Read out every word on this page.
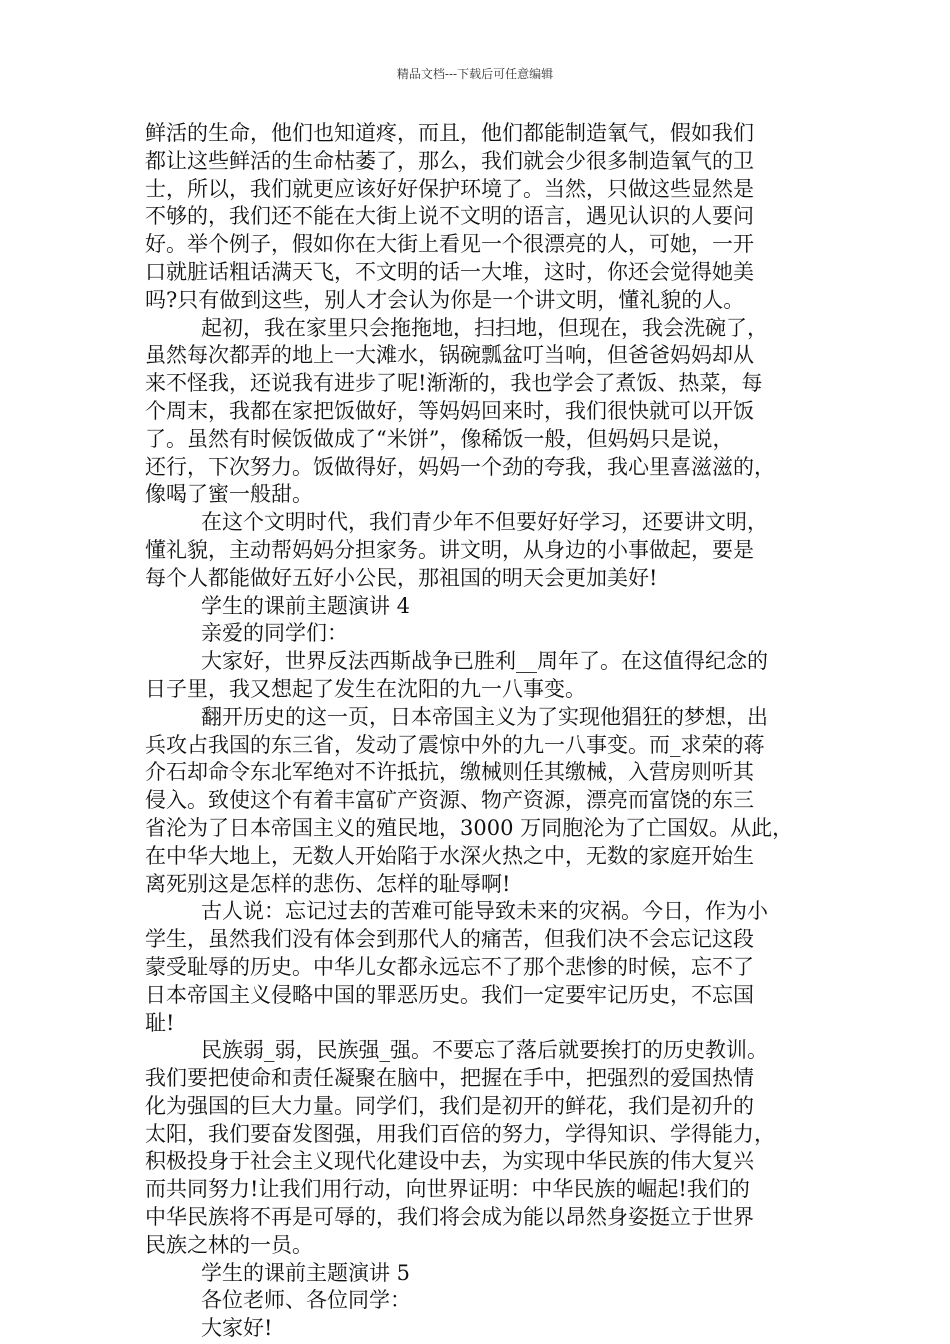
精品文档---下载后可任意编辑
鲜活的生命，他们也知道疼，而且，他们都能制造氧气，假如我们
都让这些鲜活的生命枯萎了，那么，我们就会少很多制造氧气的卫
士，所以，我们就更应该好好保护环境了。当然，只做这些显然是
不够的，我们还不能在大街上说不文明的语言，遇见认识的人要问
好。举个例子，假如你在大街上看见一个很漂亮的人，可她，一开
口就脏话粗话满天飞，不文明的话一大堆，这时，你还会觉得她美
吗?只有做到这些，别人才会认为你是一个讲文明，懂礼貌的人。
起初，我在家里只会拖拖地，扫扫地，但现在，我会洗碗了，
虽然每次都弄的地上一大滩水，锅碗瓢盆叮当响，但爸爸妈妈却从
来不怪我，还说我有进步了呢!渐渐的，我也学会了煮饭、热菜，每
个周末，我都在家把饭做好，等妈妈回来时，我们很快就可以开饭
了。虽然有时候饭做成了“米饼”，像稀饭一般，但妈妈只是说，
还行，下次努力。饭做得好，妈妈一个劲的夸我，我心里喜滋滋的，
像喝了蜜一般甜。
在这个文明时代，我们青少年不但要好好学习，还要讲文明，
懂礼貌，主动帮妈妈分担家务。讲文明，从身边的小事做起，要是
每个人都能做好五好小公民，那祖国的明天会更加美好!
学生的课前主题演讲 4
亲爱的同学们：
大家好，世界反法西斯战争已胜利__周年了。在这值得纪念的
日子里，我又想起了发生在沈阳的九一八事变。
翻开历史的这一页，日本帝国主义为了实现他猖狂的梦想，出
兵攻占我国的东三省，发动了震惊中外的九一八事变。而_求荣的蒋
介石却命令东北军绝对不许抵抗，缴械则任其缴械，入营房则听其
侵入。致使这个有着丰富矿产资源、物产资源，漂亮而富饶的东三
省沦为了日本帝国主义的殖民地，3000 万同胞沦为了亡国奴。从此，
在中华大地上，无数人开始陷于水深火热之中，无数的家庭开始生
离死别这是怎样的悲伤、怎样的耻辱啊!
古人说：忘记过去的苦难可能导致未来的灾祸。今日，作为小
学生，虽然我们没有体会到那代人的痛苦，但我们决不会忘记这段
蒙受耻辱的历史。中华儿女都永远忘不了那个悲惨的时候，忘不了
日本帝国主义侵略中国的罪恶历史。我们一定要牢记历史，不忘国
耻!
民族弱_弱，民族强_强。不要忘了落后就要挨打的历史教训。
我们要把使命和责任凝聚在脑中，把握在手中，把强烈的爱国热情
化为强国的巨大力量。同学们，我们是初开的鲜花，我们是初升的
太阳，我们要奋发图强，用我们百倍的努力，学得知识、学得能力，
积极投身于社会主义现代化建设中去，为实现中华民族的伟大复兴
而共同努力!让我们用行动，向世界证明：中华民族的崛起!我们的
中华民族将不再是可辱的，我们将会成为能以昂然身姿挺立于世界
民族之林的一员。
学生的课前主题演讲 5
各位老师、各位同学：
大家好!
